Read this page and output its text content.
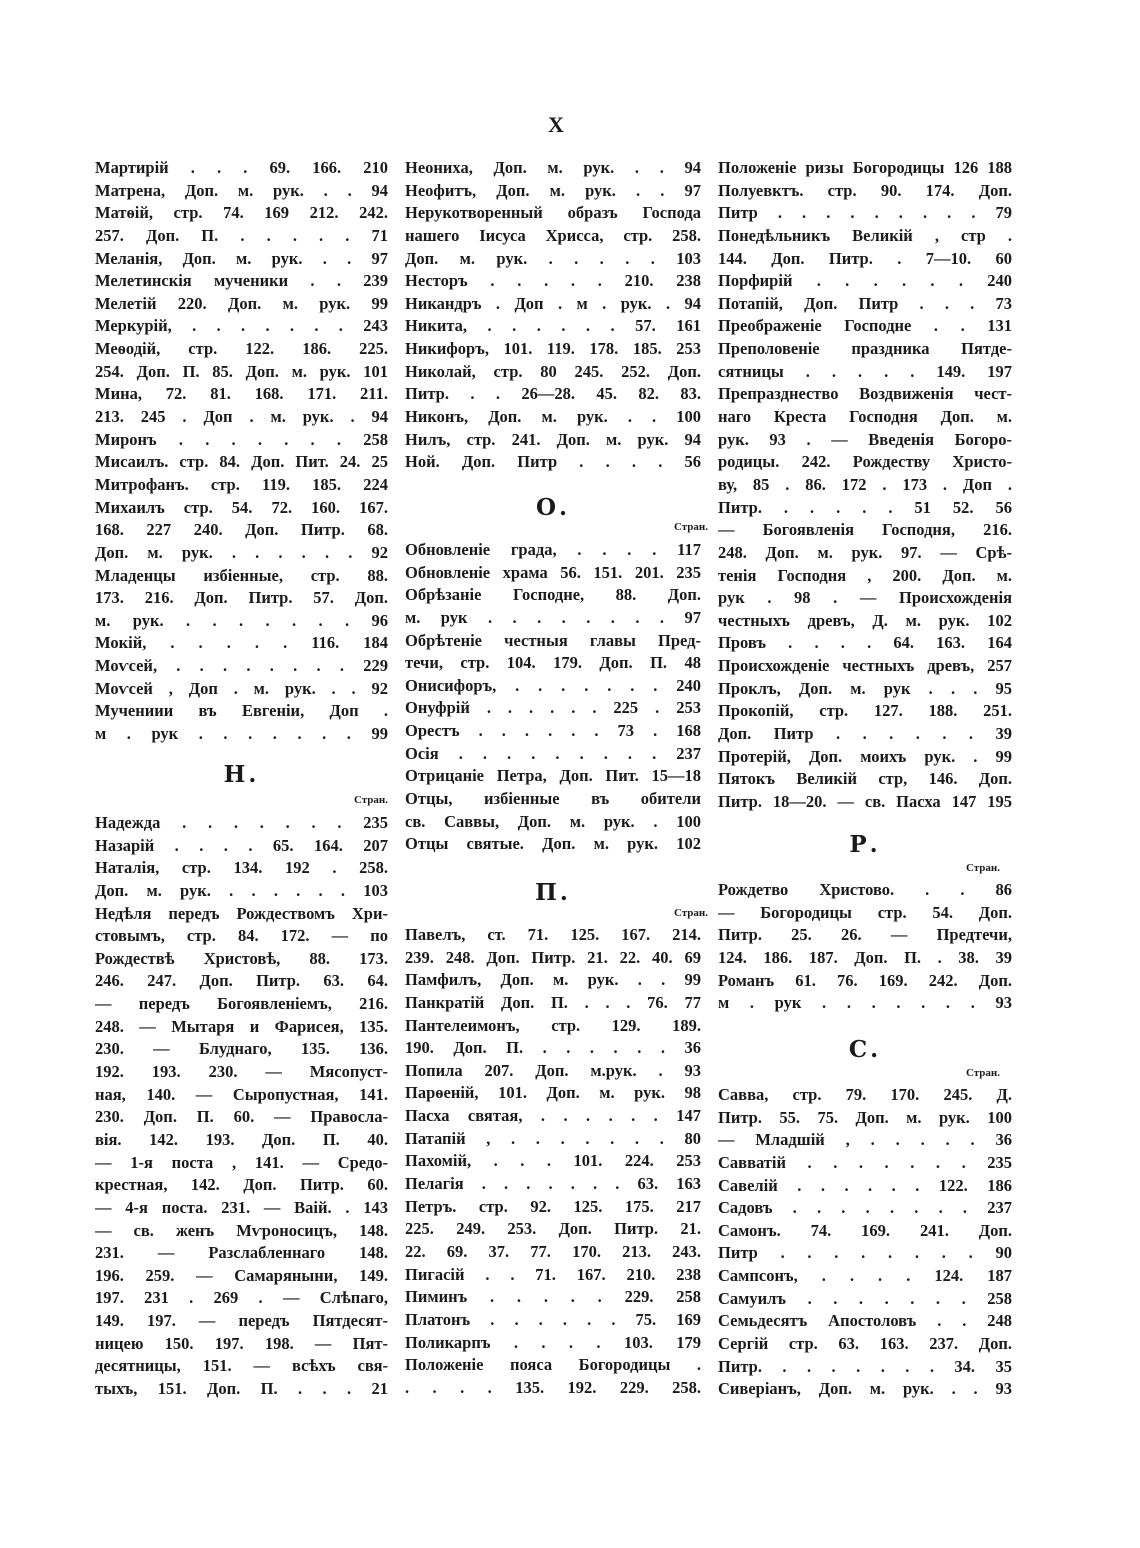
X
Мартирій . . . 69. 166. 210
Матрена, Доп. м. рук. . . 94
Матѳій, стр. 74. 169 212. 242.
257. Доп. П. . . . . . 71
Меланія, Доп. м. рук. . . 97
Мелетинскія мученики . . 239
Мелетій 220. Доп. м. рук. 99
Меркурій, . . . . . . . 243
Меѳодій, стр. 122. 186. 225.
254. Доп. П. 85. Доп. м. рук. 101
Мина, 72. 81. 168. 171. 211.
213. 245 . Доп . м. рук. . 94
Миронъ . . . . . . . 258
Мисаилъ. стр. 84. Доп. Пит. 24. 25
Митрофанъ. стр. 119. 185. 224
Михаилъ стр. 54. 72. 160. 167.
168. 227 240. Доп. Питр. 68.
Доп. м. рук. . . . . . . 92
Младенцы избіенные, стр. 88.
173. 216. Доп. Питр. 57. Доп.
м. рук. . . . . . . . 96
Мокій, . . . . . 116. 184
Моѵсей, . . . . . . . . 229
Моѵсей , Доп . м. рук. . . 92
Мучениии въ Евгеніи, Доп .
м . рук . . . . . . . 99
Н.
Стран.
Надежда . . . . . . . 235
Назарій . . . . 65. 164. 207
Наталія, стр. 134. 192 . 258.
Доп. м. рук. . . . . . . 103
Недѣля передъ Рождествомъ Хри-
стовымъ, стр. 84. 172. — по
Рождествѣ Христовѣ, 88. 173.
246. 247. Доп. Питр. 63. 64.
— передъ Богоявленіемъ, 216.
248. — Мытаря и Фарисея, 135.
230. — Блуднаго, 135. 136.
192. 193. 230. — Мясопуст-
ная, 140. — Сыропустная, 141.
230. Доп. П. 60. — Правосла-
вія. 142. 193. Доп. П. 40.
— 1-я поста , 141. — Средо-
крестная, 142. Доп. Питр. 60.
— 4-я поста. 231. — Ваій. . 143
— св. женъ Мѵроносицъ, 148.
231. — Разслабленнаго 148.
196. 259. — Самаряныни, 149.
197. 231 . 269 . — Слѣпаго,
149. 197. — передъ Пятдесят-
ницею 150. 197. 198. — Пят-
десятницы, 151. — всѣхъ свя-
тыхъ, 151. Доп. П. . . . 21
Неониха, Доп. м. рук. . . 94
Неофитъ, Доп. м. рук. . . 97
Нерукотворенный образъ Господа
нашего Іисуса Хрисса, стр. 258.
Доп. м. рук. . . . . . 103
Несторъ . . . . . 210. 238
Никандръ . Доп . м . рук. . 94
Никита, . . . . . . 57. 161
Никифоръ, 101. 119. 178. 185. 253
Николай, стр. 80 245. 252. Доп.
Питр. . . 26—28. 45. 82. 83.
Никонъ, Доп. м. рук. . . 100
Нилъ, стр. 241. Доп. м. рук. 94
Ной. Доп. Питр . . . . 56
О.
Стран.
Обновленіе града, . . . . 117
Обновленіе храма 56. 151. 201. 235
Обрѣзаніе Господне, 88. Доп.
м. рук . . . . . . . . 97
Обрѣтеніе честныя главы Пред-
течи, стр. 104. 179. Доп. П. 48
Онисифоръ, . . . . . . . 240
Онуфрій . . . . . . 225 . 253
Орестъ . . . . . . 73 . 168
Осія . . . . . . . . . 237
Отрицаніе Петра, Доп. Пит. 15—18
Отцы, избіенные въ обители
св. Саввы, Доп. м. рук. . 100
Отцы святые. Доп. м. рук. 102
П.
Стран.
Павелъ, ст. 71. 125. 167. 214.
239. 248. Доп. Питр. 21. 22. 40. 69
Памфилъ, Доп. м. рук. . . 99
Панкратій Доп. П. . . . 76. 77
Пантелеимонъ, стр. 129. 189.
190. Доп. П. . . . . . . 36
Попила 207. Доп. м.рук. . 93
Парѳеній, 101. Доп. м. рук. 98
Пасха святая, . . . . . . 147
Патапій , . . . . . . . 80
Пахомій, . . . 101. 224. 253
Пелагія . . . . . . . 63. 163
Петръ. стр. 92. 125. 175. 217
225. 249. 253. Доп. Питр. 21.
22. 69. 37. 77. 170. 213. 243.
Пигасій . . 71. 167. 210. 238
Пиминъ . . . . . 229. 258
Платонъ . . . . . . 75. 169
Поликарпъ . . . . 103. 179
Положеніе пояса Богородицы .
. . . . 135. 192. 229. 258.
Положеніе ризы Богородицы 126 188
Полуевктъ. стр. 90. 174. Доп.
Питр . . . . . . . . . 79
Понедѣльникъ Великій , стр .
144. Доп. Питр. . 7—10. 60
Порфирій . . . . . . 240
Потапій, Доп. Питр . . . 73
Преображеніе Господне . . 131
Преполовеніе праздника Пятде-
сятницы . . . . . 149. 197
Препразднество Воздвиженія чест-
наго Креста Господня Доп. м.
рук. 93 . — Введенія Богоро-
родицы. 242. Рождеству Христо-
ву, 85 . 86. 172 . 173 . Доп .
Питр. . . . . . 51 52. 56
— Богоявленія Господня, 216.
248. Доп. м. рук. 97. — Срѣ-
тенія Господня , 200. Доп. м.
рук . 98 . — Происхожденія
честныхъ древъ, Д. м. рук. 102
Провъ . . . . 64. 163. 164
Происхожденіе честныхъ древъ, 257
Проклъ, Доп. м. рук . . . 95
Прокопій, стр. 127. 188. 251.
Доп. Питр . . . . . . 39
Протерій, Доп. моихъ рук. . 99
Пятокъ Великій стр, 146. Доп.
Питр. 18—20. — св. Пасха 147 195
Р.
Стран.
Рождетво Христово. . . 86
— Богородицы стр. 54. Доп.
Питр. 25. 26. — Предтечи,
124. 186. 187. Доп. П. . 38. 39
Романъ 61. 76. 169. 242. Доп.
м . рук . . . . . . . 93
С.
Стран.
Савва, стр. 79. 170. 245. Д.
Питр. 55. 75. Доп. м. рук. 100
— Младшій , . . . . . 36
Савватій . . . . . . . 235
Савелій . . . . . . 122. 186
Садовъ . . . . . . . . 237
Самонъ. 74. 169. 241. Доп.
Питр . . . . . . . . 90
Сампсонъ, . . . . 124. 187
Самуилъ . . . . . . . 258
Семьдесятъ Апостоловъ . . 248
Сергій стр. 63. 163. 237. Доп.
Питр. . . . . . . . 34. 35
Сиверіанъ, Доп. м. рук. . . 93
